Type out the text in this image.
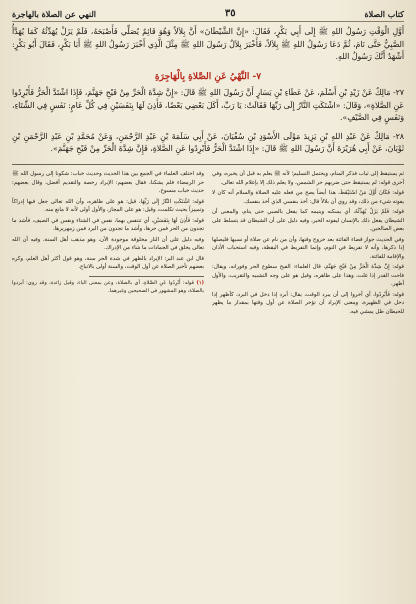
كتاب الصلاة
٣٥
النهي عن الصلاة بالهاجرة

أَوَّلِ الْوَقْتِ رَسُولُ اللهِ ﷺ إِلَى أَبِي بَكْرٍ، فَقَالَ: «إِنَّ الشَّيْطَانَ» أَنَّ بِلاَلاً وَهُوَ قَائِمٌ يُصَلِّي فَأَصْبَحَهُ، فَلَمْ يَزَلْ يُهَدِّئُهُ كَمَا يُهَدَّأُ الصَّبِيُّ حَتَّى نَامَ، ثُمَّ دَعَا رَسُولُ اللهِ ﷺ بِلاَلاً، فَأَخْبَرَ بِلاَلٌ رَسُولَ اللهِ ﷺ مِثْلَ الَّذِي أَخْبَرَ رَسُولُ اللهِ ﷺ أَبَا بَكْرٍ، فَقَالَ أَبُو بَكْرٍ: أَشْهَدُ أَنَّكَ رَسُولُ اللهِ.

٧- النَّهْيُ عَنِ الصَّلاةِ بِالْهَاجِرَةِ

٢٧- مَالِكٌ عَنْ زَيْدِ بْنِ أَسْلَمَ، عَنْ عَطَاءِ بْنِ يَسَارٍ أَنَّ رَسُولَ اللهِ ﷺ قَالَ: «إِنَّ شِدَّةَ الْحَرِّ مِنْ فَيْحِ جَهَنَّمَ، فَإِذَا اشْتَدَّ الْحَرُّ فَأَبْرِدُوا عَنِ الصَّلاةِ»، وَقَالَ: «اشْتَكَتِ النَّارُ إِلَى رَبِّهَا فَقَالَتْ: يَا رَبِّ، أَكَلَ بَعْضِي بَعْضًا، فَأَذِنَ لَهَا بِنَفَسَيْنِ فِي كُلِّ عَامٍ: نَفَسٍ فِي الشِّتَاءِ، وَنَفَسٍ فِي الصَّيْفِ».

٢٨- مَالِكٌ عَنْ عَبْدِ اللهِ بْنِ يَزِيدَ مَوْلَى الأَسْوَدِ بْنِ سُفْيَانَ، عَنْ أَبِي سَلَمَةَ بْنِ عَبْدِ الرَّحْمَنِ، وَعَنْ مُحَمَّدِ بْنِ عَبْدِ الرَّحْمَنِ بْنِ ثَوْبَانَ، عَنْ أَبِي هُرَيْرَةَ أَنَّ رَسُولَ اللهِ ﷺ قَالَ: «إِذَا اشْتَدَّ الْحَرُّ فَأَبْرِدُوا عَنِ الصَّلاةِ، فَإِنَّ شِدَّةَ الْحَرِّ مِنْ فَيْحِ جَهَنَّمَ».

ثم يستيقظ إلى ثياب فذكر المنام، ويحتمل التسليم؛ لأنه ﷺ يعلم به قبل أن يخبره، وفي أخرى قوله: لم يستيقظ حتى ضربهم حر الشمس، ولا يعلم ذلك إلا بإعلام الله تعالى.

قوله: فَكَانَ أَوَّلَ مَنْ اسْتَيْقَظَ، هذا أيضاً يصح من فعله عليه الصلاة والسلام أنه كان لا يفوته شيء من ذلك، وقد روي أن بلالاً قال: أخذ بنفسي الذي أخذ بنفسك.

قوله: فَلَمْ يَزَلْ يُهَدِّئُهُ، أي يسكنه وينيمه كما يفعل بالصبي حتى ينام، والمعنى أن الشيطان يفعل ذلك بالإنسان ليفوته الخير، وفيه دليل على أن الشيطان قد يتسلط على بعض الصالحين.

وفي الحديث جواز قضاء الفائتة بعد خروج وقتها، وأن من نام عن صلاة أو نسيها فليصلها إذا ذكرها، وأنه لا تفريط في النوم، وإنما التفريط في اليقظة، وفيه استحباب الأذان والإقامة للفائتة.

قوله: إِنَّ شِدَّةَ الْحَرِّ مِنْ فَيْحِ جَهَنَّمَ، قال العلماء: الفيح سطوع الحر وفورانه، ويقال: فاحت القدر إذا غلت، وهذا على ظاهره، وقيل هو على وجه التشبيه والتقريب، والأول أظهر.

قوله: فَأَبْرِدُوا، أي أخروا إلى أن يبرد الوقت، يقال: أبرد إذا دخل في البرد، كأظهر إذا دخل في الظهيرة، ومعنى الإبراد أن تؤخر الصلاة عن أول وقتها بمقدار ما يظهر للحيطان ظل يمشي فيه.

وقد اختلف العلماء في الجمع بين هذا الحديث وحديث خباب: شكونا إلى رسول الله ﷺ حر الرمضاء فلم يشكنا، فقال بعضهم: الإبراد رخصة والتقديم أفضل، وقال بعضهم: حديث خباب منسوخ.

قوله: اشْتَكَتِ النَّارُ إِلَى رَبِّهَا، قيل: هو على ظاهره، وأن الله تعالى جعل فيها إدراكاً وتمييزاً بحيث تكلمت، وقيل: هو على المجاز، والأول أولى لأنه لا مانع منه.

قوله: فَأَذِنَ لَهَا بِنَفَسَيْنِ، أي تتنفس بهما، نفس في الشتاء ونفس في الصيف، فأشد ما تجدون من الحر فمن حرها، وأشد ما تجدون من البرد فمن زمهريرها.

وفيه دليل على أن النار مخلوقة موجودة الآن، وهو مذهب أهل السنة، وفيه أن الله تعالى يخلق في الجمادات ما شاء من الإدراك.

قال ابن عبد البر: الإبراد بالظهر في شدة الحر سنة، وهو قول أكثر أهل العلم، وكره بعضهم تأخير الصلاة عن أول الوقت، والسنة أولى بالاتباع.

(١) قوله: أَبْرِدُوا عَنِ الصَّلاةِ، أي بالصلاة، وعن بمعنى الباء، وقيل زائدة، وقد روي: أبردوا بالصلاة، وهو المشهور في الصحيحين وغيرهما.
